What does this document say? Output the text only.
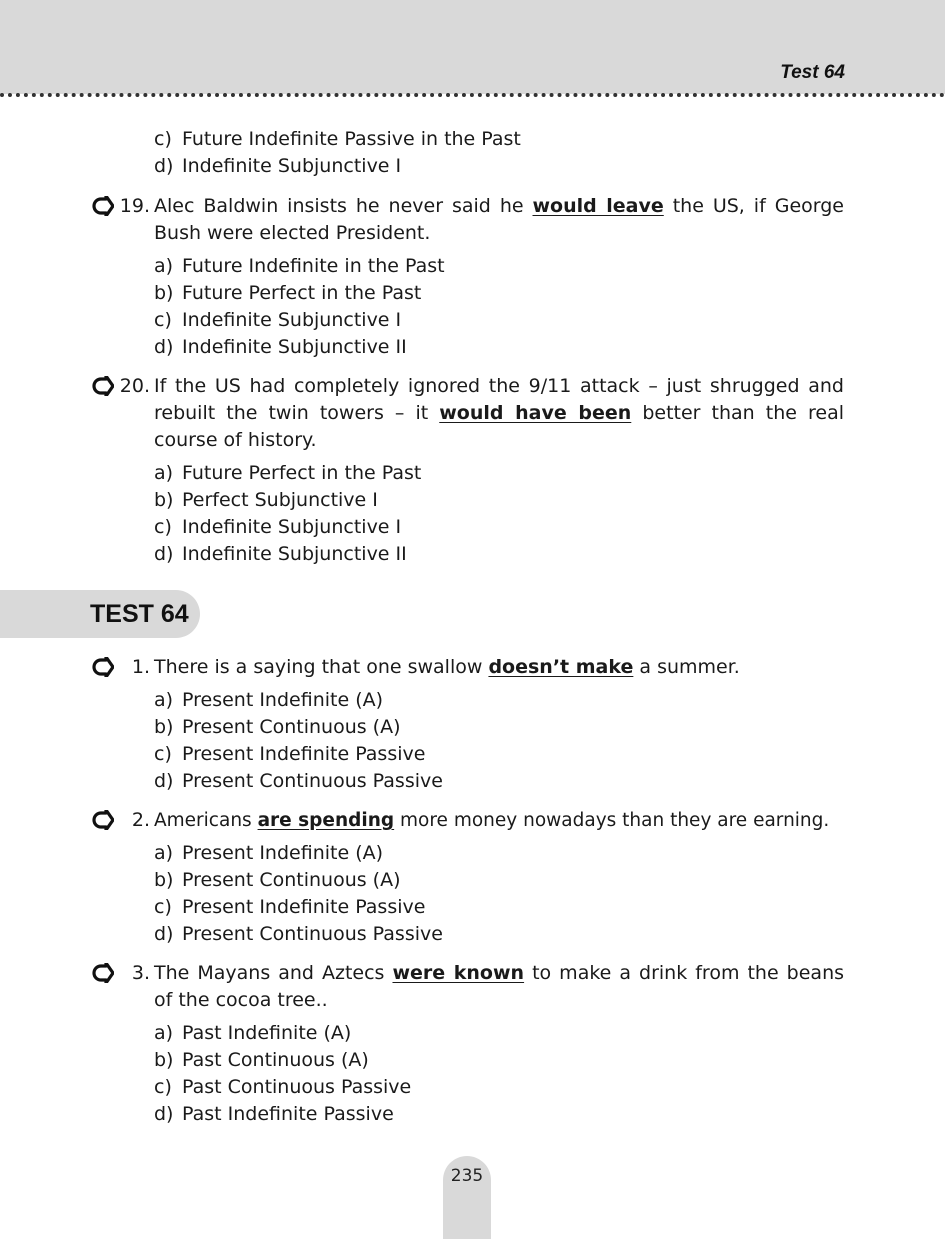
Test 64
c) Future Indefinite Passive in the Past
d) Indefinite Subjunctive I
19. Alec Baldwin insists he never said he would leave the US, if George Bush were elected President.
a) Future Indefinite in the Past
b) Future Perfect in the Past
c) Indefinite Subjunctive I
d) Indefinite Subjunctive II
20. If the US had completely ignored the 9/11 attack – just shrugged and rebuilt the twin towers – it would have been better than the real course of history.
a) Future Perfect in the Past
b) Perfect Subjunctive I
c) Indefinite Subjunctive I
d) Indefinite Subjunctive II
TEST 64
1. There is a saying that one swallow doesn’t make a summer.
a) Present Indefinite (A)
b) Present Continuous (A)
c) Present Indefinite Passive
d) Present Continuous Passive
2. Americans are spending more money nowadays than they are earning.
a) Present Indefinite (A)
b) Present Continuous (A)
c) Present Indefinite Passive
d) Present Continuous Passive
3. The Mayans and Aztecs were known to make a drink from the beans of the cocoa tree..
a) Past Indefinite (A)
b) Past Continuous (A)
c) Past Continuous Passive
d) Past Indefinite Passive
235
